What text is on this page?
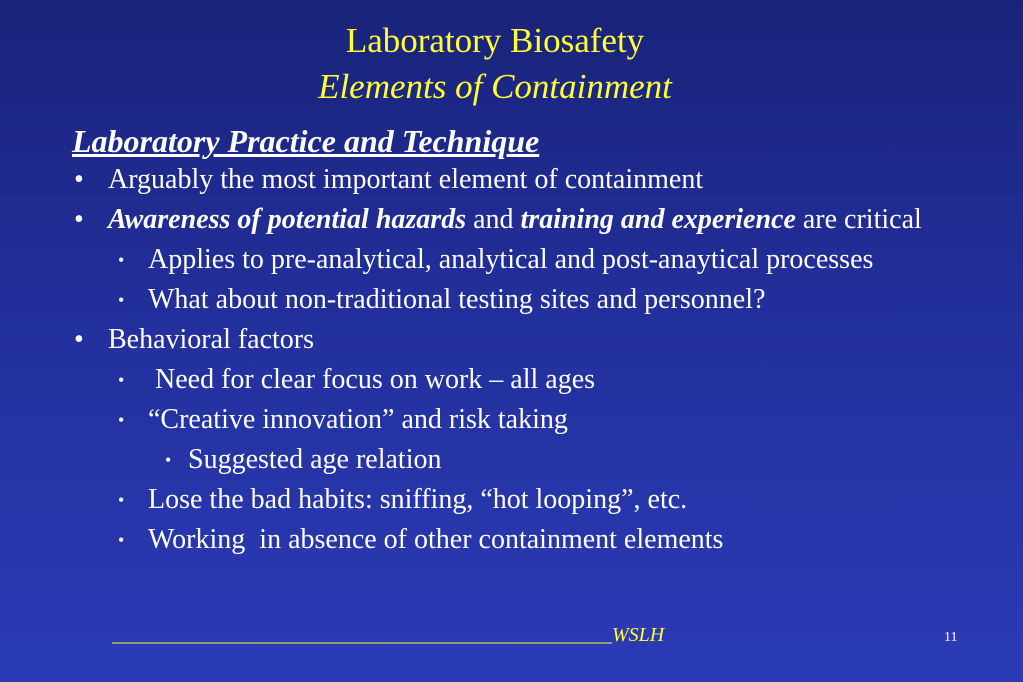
Laboratory Biosafety
Elements of Containment
Laboratory Practice and Technique
• Arguably the most important element of containment
• Awareness of potential hazards and training and experience are critical
• Applies to pre-analytical, analytical and post-anaytical processes
• What about non-traditional testing sites and personnel?
• Behavioral factors
• Need for clear focus on work – all ages
• “Creative innovation” and risk taking
• Suggested age relation
• Lose the bad habits: sniffing, “hot looping”, etc.
• Working  in absence of other containment elements
__________________________________________________WSLH	11
